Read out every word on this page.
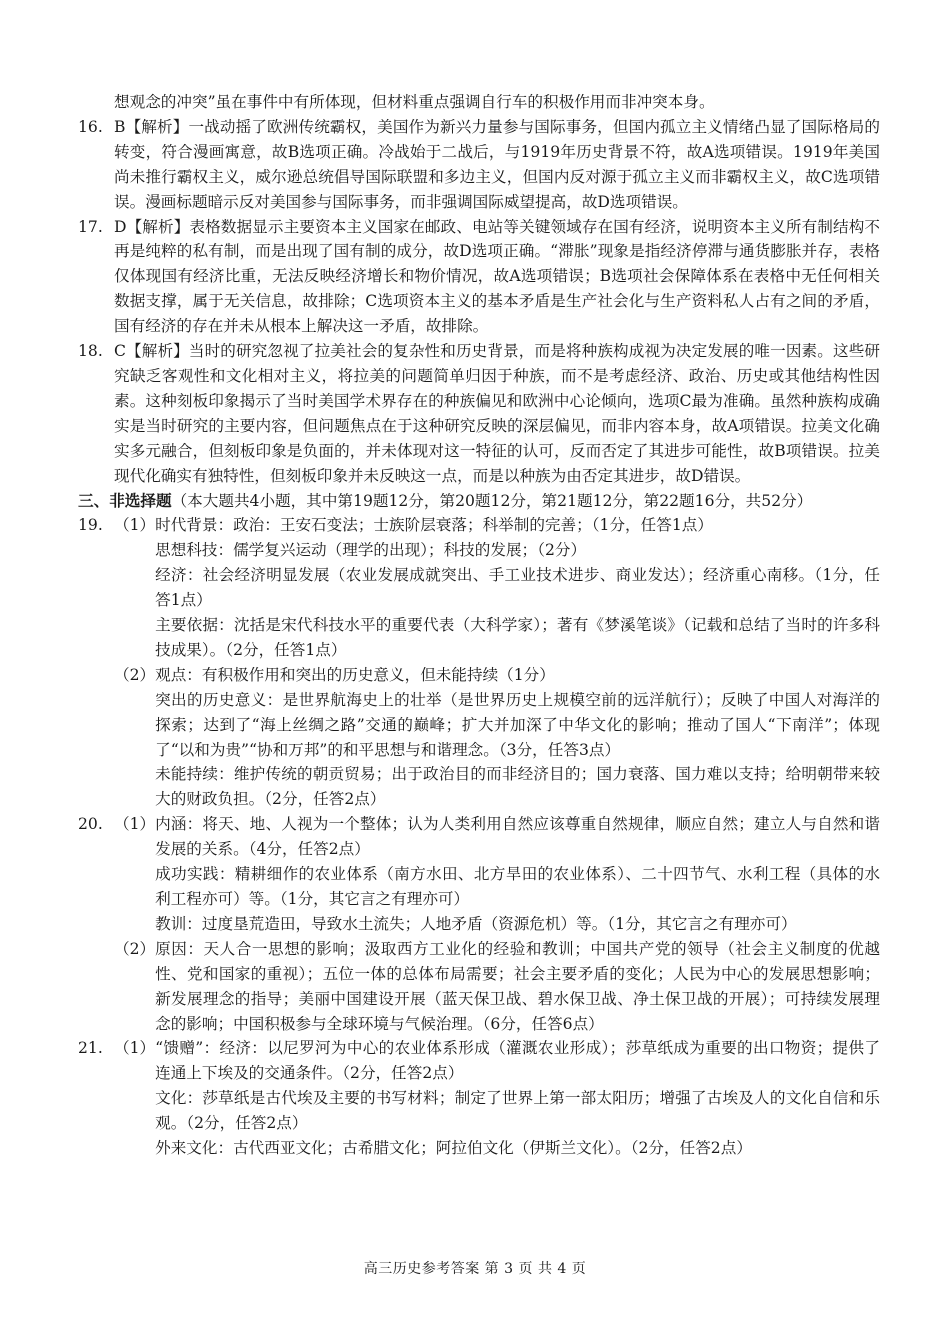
想观念的冲突”虽在事件中有所体现，但材料重点强调自行车的积极作用而非冲突本身。

16. B【解析】一战动摇了欧洲传统霸权，美国作为新兴力量参与国际事务，但国内孤立主义情绪凸显了国际格局的转变，符合漫画寓意，故B选项正确。冷战始于二战后，与1919年历史背景不符，故A选项错误。1919年美国尚未推行霸权主义，威尔逊总统倡导国际联盟和多边主义，但国内反对源于孤立主义而非霸权主义，故C选项错误。漫画标题暗示反对美国参与国际事务，而非强调国际威望提高，故D选项错误。
17. D【解析】表格数据显示主要资本主义国家在邮政、电站等关键领域存在国有经济，说明资本主义所有制结构不再是纯粹的私有制，而是出现了国有制的成分，故D选项正确。“滞胀”现象是指经济停滞与通货膨胀并存，表格仅体现国有经济比重，无法反映经济增长和物价情况，故A选项错误；B选项社会保障体系在表格中无任何相关数据支撑，属于无关信息，故排除；C选项资本主义的基本矛盾是生产社会化与生产资料私人占有之间的矛盾，国有经济的存在并未从根本上解决这一矛盾，故排除。
18. C【解析】当时的研究忽视了拉美社会的复杂性和历史背景，而是将种族构成视为决定发展的唯一因素。这些研究缺乏客观性和文化相对主义，将拉美的问题简单归因于种族，而不是考虑经济、政治、历史或其他结构性因素。这种刻板印象揭示了当时美国学术界存在的种族偏见和欧洲中心论倾向，选项C最为准确。虽然种族构成确实是当时研究的主要内容，但问题焦点在于这种研究反映的深层偏见，而非内容本身，故A项错误。拉美文化确实多元融合，但刻板印象是负面的，并未体现对这一特征的认可，反而否定了其进步可能性，故B项错误。拉美现代化确实有独特性，但刻板印象并未反映这一点，而是以种族为由否定其进步，故D错误。

三、非选择题（本大题共4小题，其中第19题12分，第20题12分，第21题12分，第22题16分，共52分）

19. （1） 时代背景：政治：王安石变法；士族阶层衰落；科举制的完善；（1分，任答1点）
思想科技：儒学复兴运动（理学的出现）；科技的发展；（2分）
经济：社会经济明显发展（农业发展成就突出、手工业技术进步、商业发达）；经济重心南移。（1分，任答1点）
主要依据：沈括是宋代科技水平的重要代表（大科学家）；著有《梦溪笔谈》（记载和总结了当时的许多科技成果）。（2分，任答1点）
（2） 观点：有积极作用和突出的历史意义，但未能持续（1分）
突出的历史意义：是世界航海史上的壮举（是世界历史上规模空前的远洋航行）；反映了中国人对海洋的探索；达到了“海上丝绸之路”交通的巅峰；扩大并加深了中华文化的影响；推动了国人“下南洋”；体现了“以和为贵”“协和万邦”的和平思想与和谐理念。（3分，任答3点）
未能持续：维护传统的朝贡贸易；出于政治目的而非经济目的；国力衰落、国力难以支持；给明朝带来较大的财政负担。（2分，任答2点）
20. （1） 内涵：将天、地、人视为一个整体；认为人类利用自然应该尊重自然规律，顺应自然；建立人与自然和谐发展的关系。（4分，任答2点）
成功实践：精耕细作的农业体系（南方水田、北方旱田的农业体系）、二十四节气、水利工程（具体的水利工程亦可）等。（1分，其它言之有理亦可）
教训：过度垦荒造田，导致水土流失；人地矛盾（资源危机）等。（1分，其它言之有理亦可）
（2） 原因：天人合一思想的影响；汲取西方工业化的经验和教训；中国共产党的领导（社会主义制度的优越性、党和国家的重视）；五位一体的总体布局需要；社会主要矛盾的变化；人民为中心的发展思想影响；新发展理念的指导；美丽中国建设开展（蓝天保卫战、碧水保卫战、净土保卫战的开展）；可持续发展理念的影响；中国积极参与全球环境与气候治理。（6分，任答6点）
21. （1） “馈赠”：经济：以尼罗河为中心的农业体系形成（灌溉农业形成）；莎草纸成为重要的出口物资；提供了连通上下埃及的交通条件。（2分，任答2点）
文化：莎草纸是古代埃及主要的书写材料；制定了世界上第一部太阳历；增强了古埃及人的文化自信和乐观。（2分，任答2点）
外来文化：古代西亚文化；古希腊文化；阿拉伯文化（伊斯兰文化）。（2分，任答2点）
高三历史参考答案 第 3 页 共 4 页
